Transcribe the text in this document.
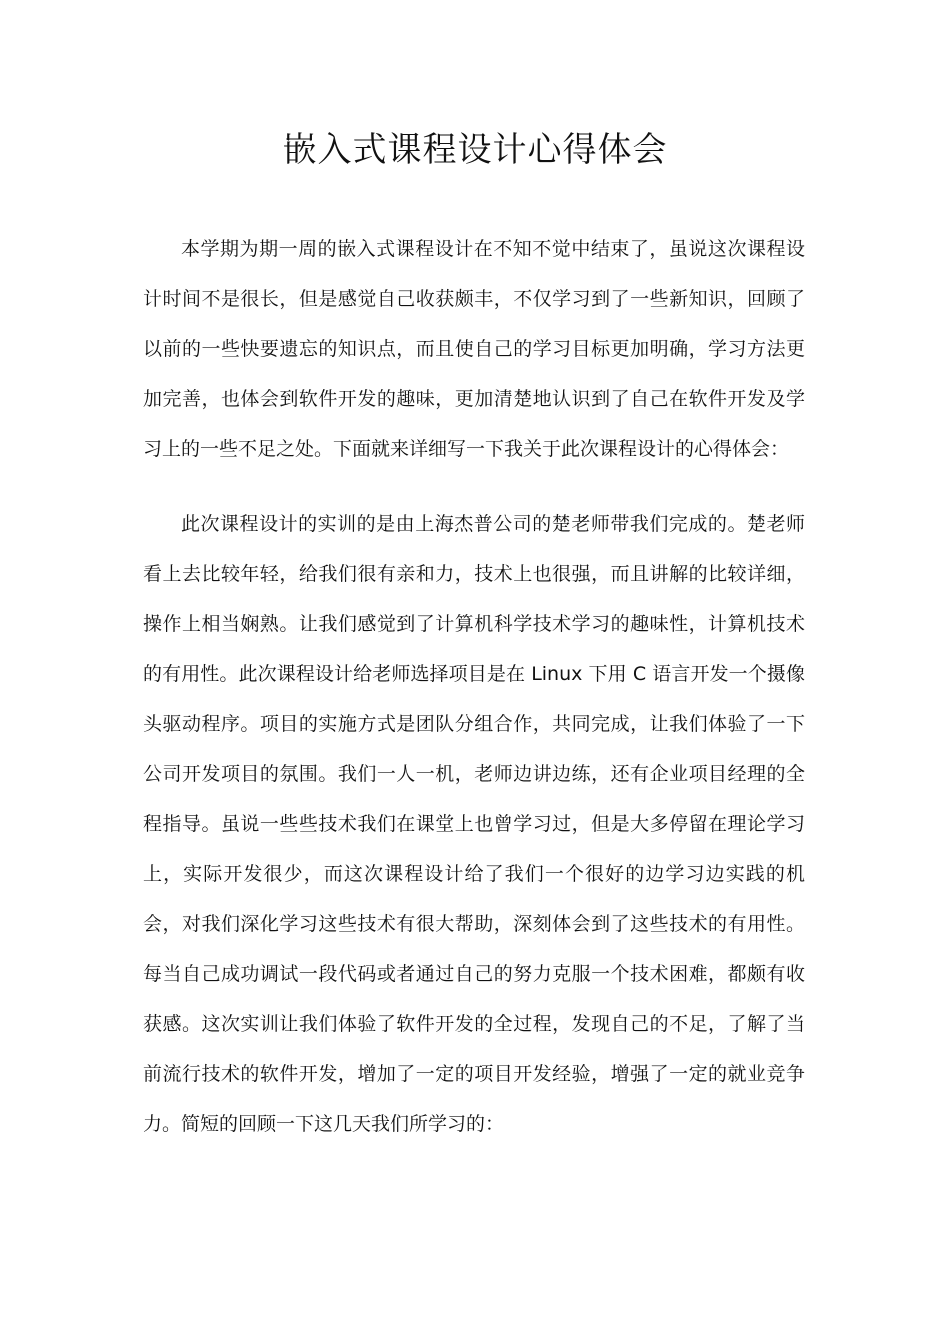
嵌入式课程设计心得体会

本学期为期一周的嵌入式课程设计在不知不觉中结束了，虽说这次课程设计时间不是很长，但是感觉自己收获颇丰，不仅学习到了一些新知识，回顾了以前的一些快要遗忘的知识点，而且使自己的学习目标更加明确，学习方法更加完善，也体会到软件开发的趣味，更加清楚地认识到了自己在软件开发及学习上的一些不足之处。下面就来详细写一下我关于此次课程设计的心得体会：

此次课程设计的实训的是由上海杰普公司的楚老师带我们完成的。楚老师看上去比较年轻，给我们很有亲和力，技术上也很强，而且讲解的比较详细，操作上相当娴熟。让我们感觉到了计算机科学技术学习的趣味性，计算机技术的有用性。此次课程设计给老师选择项目是在 Linux 下用 C 语言开发一个摄像头驱动程序。项目的实施方式是团队分组合作，共同完成，让我们体验了一下公司开发项目的氛围。我们一人一机，老师边讲边练，还有企业项目经理的全程指导。虽说一些些技术我们在课堂上也曾学习过，但是大多停留在理论学习上，实际开发很少，而这次课程设计给了我们一个很好的边学习边实践的机会，对我们深化学习这些技术有很大帮助，深刻体会到了这些技术的有用性。每当自己成功调试一段代码或者通过自己的努力克服一个技术困难，都颇有收获感。这次实训让我们体验了软件开发的全过程，发现自己的不足，了解了当前流行技术的软件开发，增加了一定的项目开发经验，增强了一定的就业竞争力。简短的回顾一下这几天我们所学习的：
